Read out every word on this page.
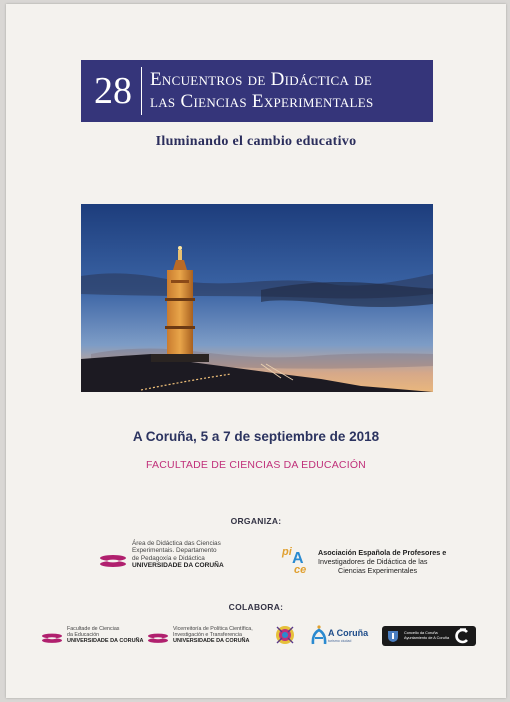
28 Encuentros de Didáctica de
las Ciencias Experimentales
Iluminando el cambio educativo
A Coruña, 5 a 7 de septiembre de 2018
FACULTADE DE CIENCIAS DA EDUCACIÓN
ORGANIZA:
Área de Didáctica das Ciencias
Experimentais. Departamento
de Pedagoxía e Didáctica
UNIVERSIDADE DA CORUÑA
pi A
ce
Asociación Española de Profesores e
Investigadores de Didáctica de las
Ciencias Experimentales
COLABORA:
Facultade de Ciencias
da Educación
UNIVERSIDADE DA CORUÑA
Vicerreitoría de Política Científica,
Investigación e Transferencia
UNIVERSIDADE DA CORUÑA
A Coruña
turismo ciudad
Concello da Coruña
Ayuntamiento de A Coruña
